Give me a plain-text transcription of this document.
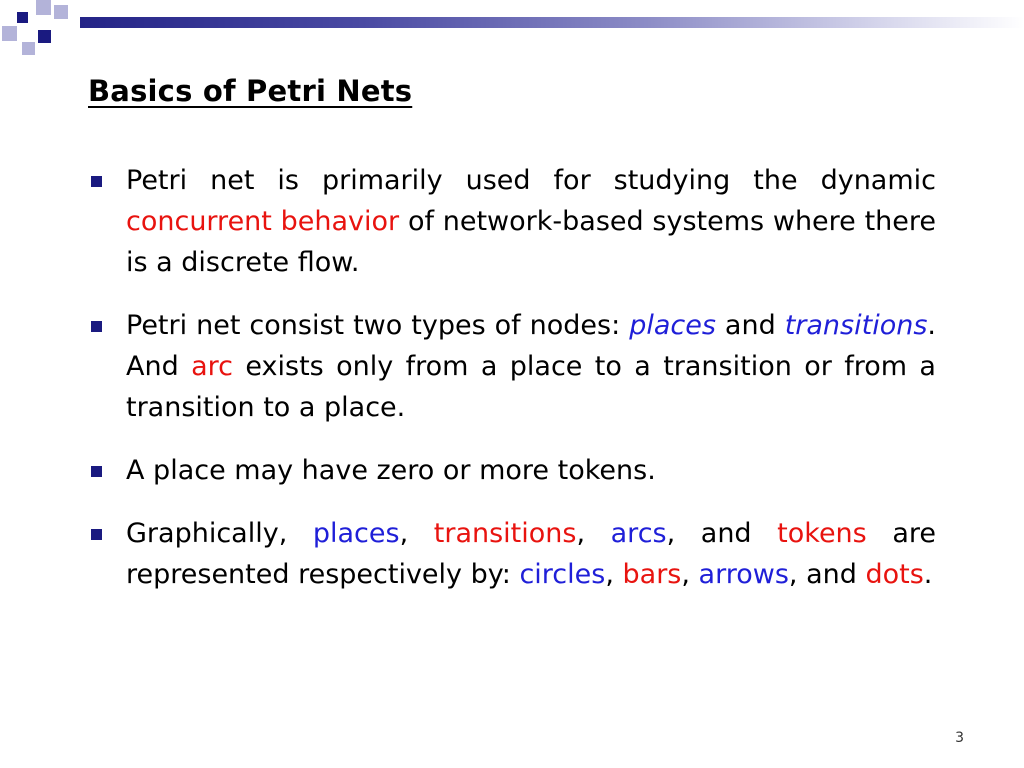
Basics of Petri Nets
Petri net is primarily used for studying the dynamic concurrent behavior of network-based systems where there is a discrete flow.
Petri net consist two types of nodes: places and transitions. And arc exists only from a place to a transition or from a transition to a place.
A place may have zero or more tokens.
Graphically, places, transitions, arcs, and tokens are represented respectively by: circles, bars, arrows, and dots.
3
